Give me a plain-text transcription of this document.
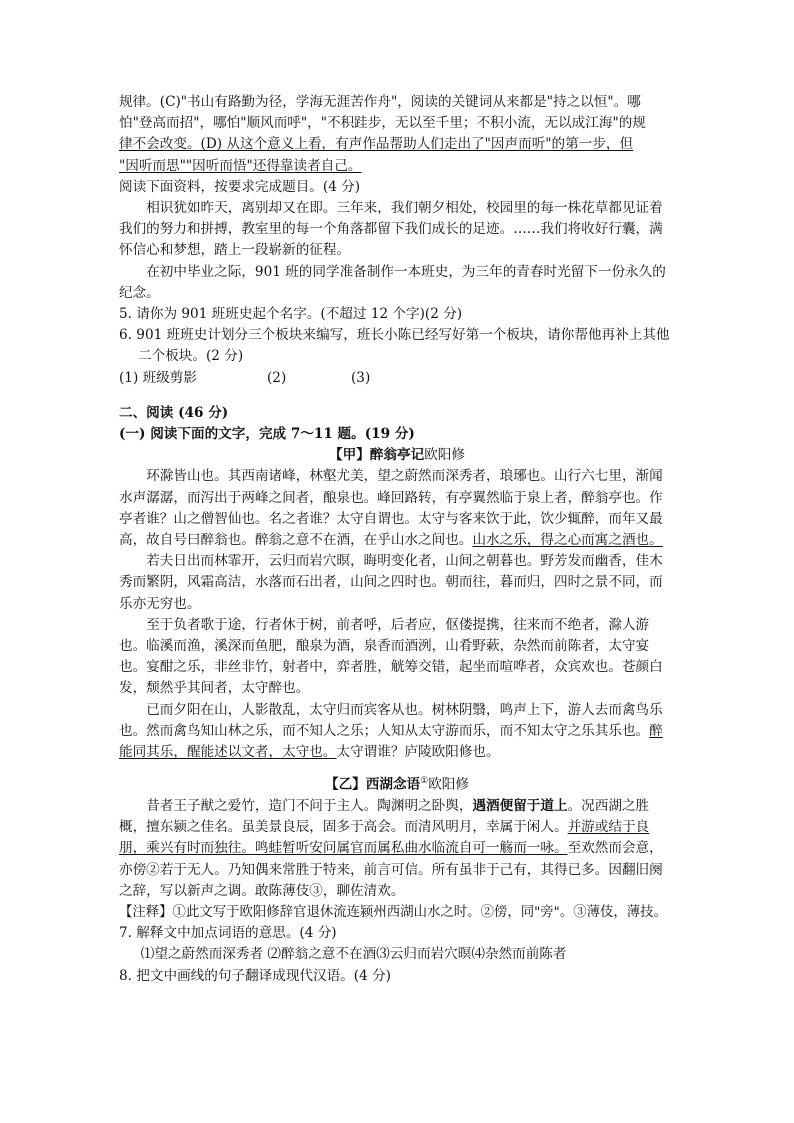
规律。(C)"书山有路勤为径，学海无涯苦作舟"，阅读的关键词从来都是"持之以恒"。哪

怕"登高而招"，哪怕"顺风而呼"，"不积跬步，无以至千里；不积小流，无以成江海"的规

律不会改变。(D) 从这个意义上看，有声作品帮助人们走出了"因声而听"的第一步，但

"因听而思""因听而悟"还得靠读者自己。

阅读下面资料，按要求完成题目。(4 分)

相识犹如昨天，离别却又在即。三年来，我们朝夕相处，校园里的每一株花草都见证着我们的努力和拼搏，教室里的每一个角落都留下我们成长的足迹。……我们将收好行囊，满怀信心和梦想，踏上一段崭新的征程。

在初中毕业之际，901 班的同学准备制作一本班史，为三年的青春时光留下一份永久的纪念。

5. 请你为 901 班班史起个名字。(不超过 12 个字)(2 分)

6. 901 班班史计划分三个板块来编写，班长小陈已经写好第一个板块，请你帮他再补上其他二个板块。(2 分)

(1) 班级剪影	(2)	(3)

二、阅读 (46 分)

(一) 阅读下面的文字，完成 7～11 题。(19 分)

【甲】醉翁亭记欧阳修

环滁皆山也。其西南诸峰，林壑尤美，望之蔚然而深秀者，琅琊也。山行六七里，渐闻水声潺潺，而泻出于两峰之间者，酿泉也。峰回路转，有亭翼然临于泉上者，醉翁亭也。作亭者谁？山之僧智仙也。名之者谁？太守自谓也。太守与客来饮于此，饮少辄醉，而年又最高，故自号曰醉翁也。醉翁之意不在酒，在乎山水之间也。山水之乐，得之心而寓之酒也。

若夫日出而林霏开，云归而岩穴暝，晦明变化者，山间之朝暮也。野芳发而幽香，佳木秀而繁阴，风霜高洁，水落而石出者，山间之四时也。朝而往，暮而归，四时之景不同，而乐亦无穷也。

至于负者歌于途，行者休于树，前者呼，后者应，伛偻提携，往来而不绝者，滁人游也。临溪而渔，溪深而鱼肥，酿泉为酒，泉香而酒洌，山肴野蔌，杂然而前陈者，太守宴也。宴酣之乐，非丝非竹，射者中，弈者胜，觥筹交错，起坐而喧哗者，众宾欢也。苍颜白发，颓然乎其间者，太守醉也。

已而夕阳在山，人影散乱，太守归而宾客从也。树林阴翳，鸣声上下，游人去而禽鸟乐也。然而禽鸟知山林之乐，而不知人之乐；人知从太守游而乐，而不知太守之乐其乐也。醉能同其乐，醒能述以文者，太守也。太守谓谁？庐陵欧阳修也。

【乙】西湖念语①欧阳修

昔者王子猷之爱竹，造门不问于主人。陶渊明之卧舆，遇酒便留于道上。况西湖之胜概，擅东颍之佳名。虽美景良辰，固多于高会。而清风明月，幸属于闲人。并游或结于良朋，乘兴有时而独往。鸣蛙暂听安问属官而属私曲水临流自可一觞而一咏。至欢然而会意，亦傍②若于无人。乃知偶来常胜于特来，前言可信。所有虽非于己有，其得已多。因翻旧阕之辞，写以新声之调。敢陈薄伎③，聊佐清欢。

【注释】①此文写于欧阳修辞官退休流连颍州西湖山水之时。②傍，同"旁"。③薄伎，薄技。

7. 解释文中加点词语的意思。(4 分)

⑴望之蔚然而深秀者 ⑵醉翁之意不在酒⑶云归而岩穴暝⑷杂然而前陈者

8. 把文中画线的句子翻译成现代汉语。(4 分)
